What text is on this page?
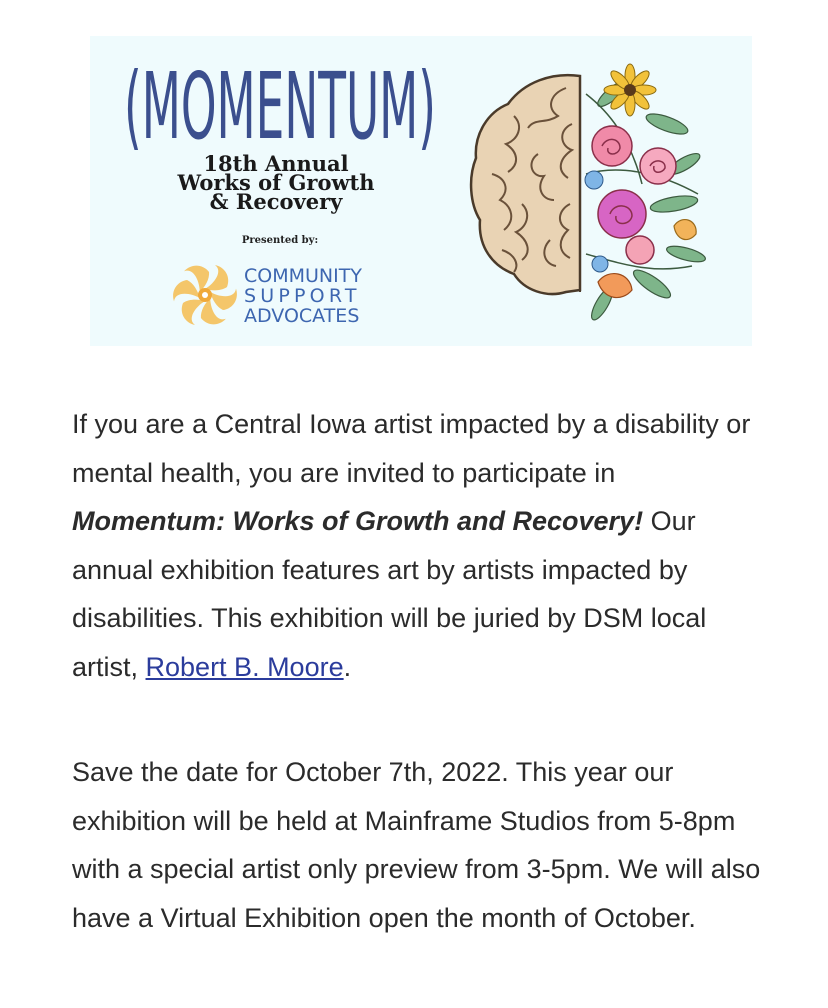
(MOMENTUM)
18th Annual
Works of Growth
& Recovery
Presented by:
COMMUNITY
SUPPORT
ADVOCATES

If you are a Central Iowa artist impacted by a disability or mental health, you are invited to participate in Momentum: Works of Growth and Recovery! Our annual exhibition features art by artists impacted by disabilities. This exhibition will be juried by DSM local artist, Robert B. Moore.

Save the date for October 7th, 2022. This year our exhibition will be held at Mainframe Studios from 5-8pm with a special artist only preview from 3-5pm. We will also have a Virtual Exhibition open the month of October.
